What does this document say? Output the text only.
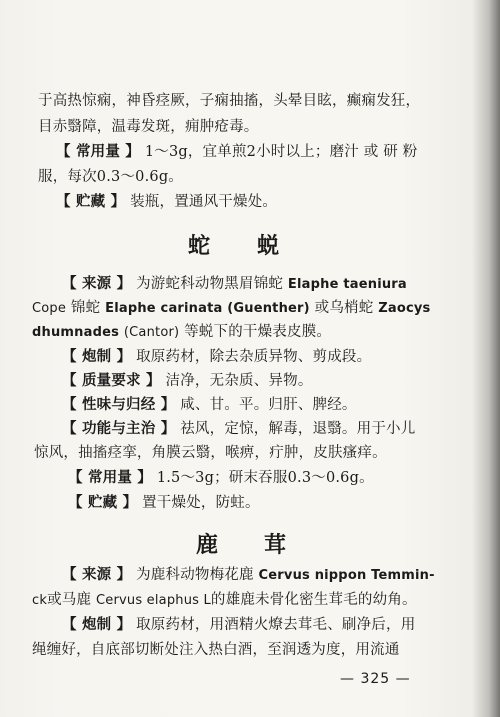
于高热惊痫，神昏痉厥，子痫抽搐，头晕目眩，癫痫发狂，
目赤翳障，温毒发斑，痈肿疮毒。
【 常用量 】 1～3g，宜单煎2小时以上；磨汁 或 研 粉
服，每次0.3～0.6g。
【 贮藏 】 装瓶，置通风干燥处。
蛇 蜕
【 来源 】 为游蛇科动物黑眉锦蛇 Elaphe taeniura
Cope 锦蛇 Elaphe carinata (Guenther) 或乌梢蛇 Zaocys
dhumnades (Cantor) 等蜕下的干燥表皮膜。
【 炮制 】 取原药材，除去杂质异物、剪成段。
【 质量要求 】 洁净，无杂质、异物。
【 性味与归经 】 咸、甘。平。归肝、脾经。
【 功能与主治 】 祛风，定惊，解毒，退翳。用于小儿
惊风，抽搐痉挛，角膜云翳，喉痹，疔肿，皮肤瘙痒。
【 常用量 】 1.5～3g；研末吞服0.3～0.6g。
【 贮藏 】 置干燥处，防蛀。
鹿 茸
【 来源 】 为鹿科动物梅花鹿 Cervus nippon Temmin-
ck或马鹿 Cervus elaphus L的雄鹿未骨化密生茸毛的幼角。
【 炮制 】 取原药材，用酒精火燎去茸毛、刷净后，用
绳缠好，自底部切断处注入热白酒，至润透为度，用流通
— 325 —
